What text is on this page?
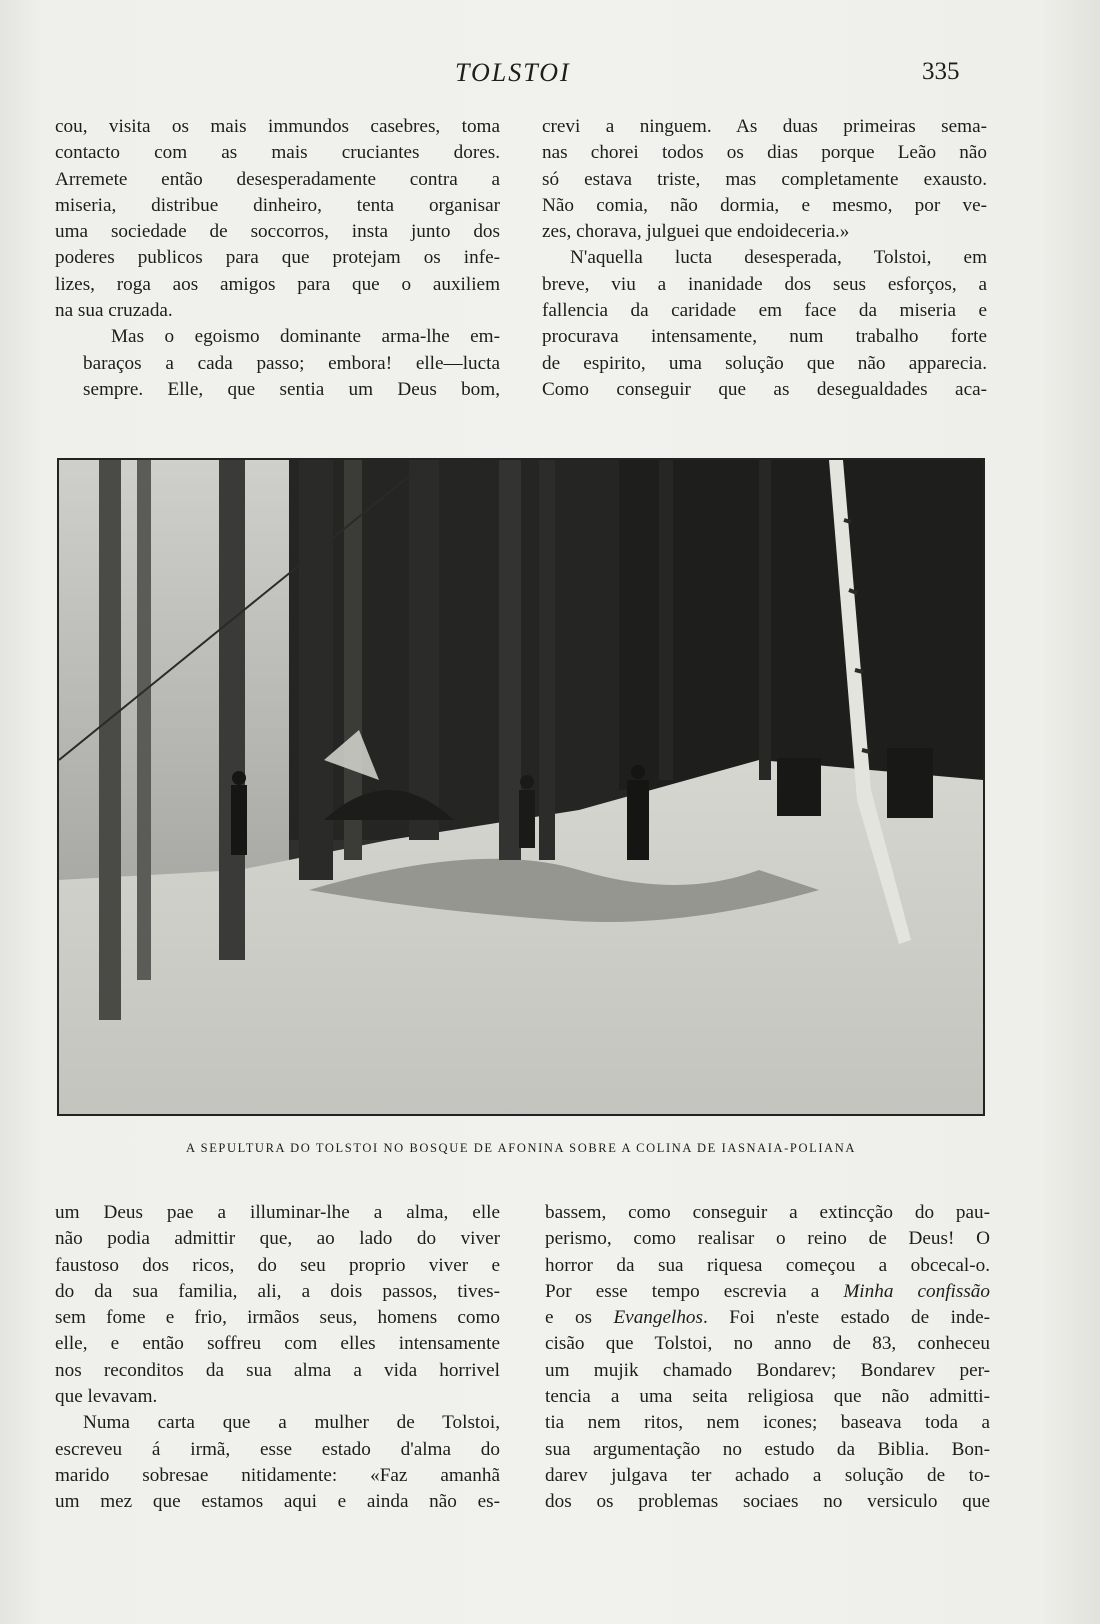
TOLSTOI	335

cou, visita os mais immundos casebres, toma
contacto com as mais cruciantes dores.
Arremete então desesperadamente contra a
miseria, distribue dinheiro, tenta organisar
uma sociedade de soccorros, insta junto dos
poderes publicos para que protejam os infe-
lizes, roga aos amigos para que o auxiliem
na sua cruzada.

Mas o egoismo dominante arma-lhe em-
baraços a cada passo; embora! elle—lucta
sempre. Elle, que sentia um Deus bom,

crevi a ninguem. As duas primeiras sema-
nas chorei todos os dias porque Leão não
só estava triste, mas completamente exausto.
Não comia, não dormia, e mesmo, por ve-
zes, chorava, julguei que endoideceria.»

N'aquella lucta desesperada, Tolstoi, em
breve, viu a inanidade dos seus esforços, a
fallencia da caridade em face da miseria e
procurava intensamente, num trabalho forte
de espirito, uma solução que não apparecia.
Como conseguir que as desegualdades aca-

A SEPULTURA DO TOLSTOI NO BOSQUE DE AFONINA SOBRE A COLINA DE IASNAIA-POLIANA

um Deus pae a illuminar-lhe a alma, elle
não podia admittir que, ao lado do viver
faustoso dos ricos, do seu proprio viver e
do da sua familia, ali, a dois passos, tives-
sem fome e frio, irmãos seus, homens como
elle, e então soffreu com elles intensamente
nos reconditos da sua alma a vida horrivel
que levavam.

Numa carta que a mulher de Tolstoi,
escreveu á irmã, esse estado d'alma do
marido sobresae nitidamente: «Faz amanhã
um mez que estamos aqui e ainda não es-

bassem, como conseguir a extincção do pau-
perismo, como realisar o reino de Deus! O
horror da sua riquesa começou a obcecal-o.
Por esse tempo escrevia a Minha confissão
e os Evangelhos. Foi n'este estado de inde-
cisão que Tolstoi, no anno de 83, conheceu
um mujik chamado Bondarev; Bondarev per-
tencia a uma seita religiosa que não admitti-
tia nem ritos, nem icones; baseava toda a
sua argumentação no estudo da Biblia. Bon-
darev julgava ter achado a solução de to-
dos os problemas sociaes no versiculo que
